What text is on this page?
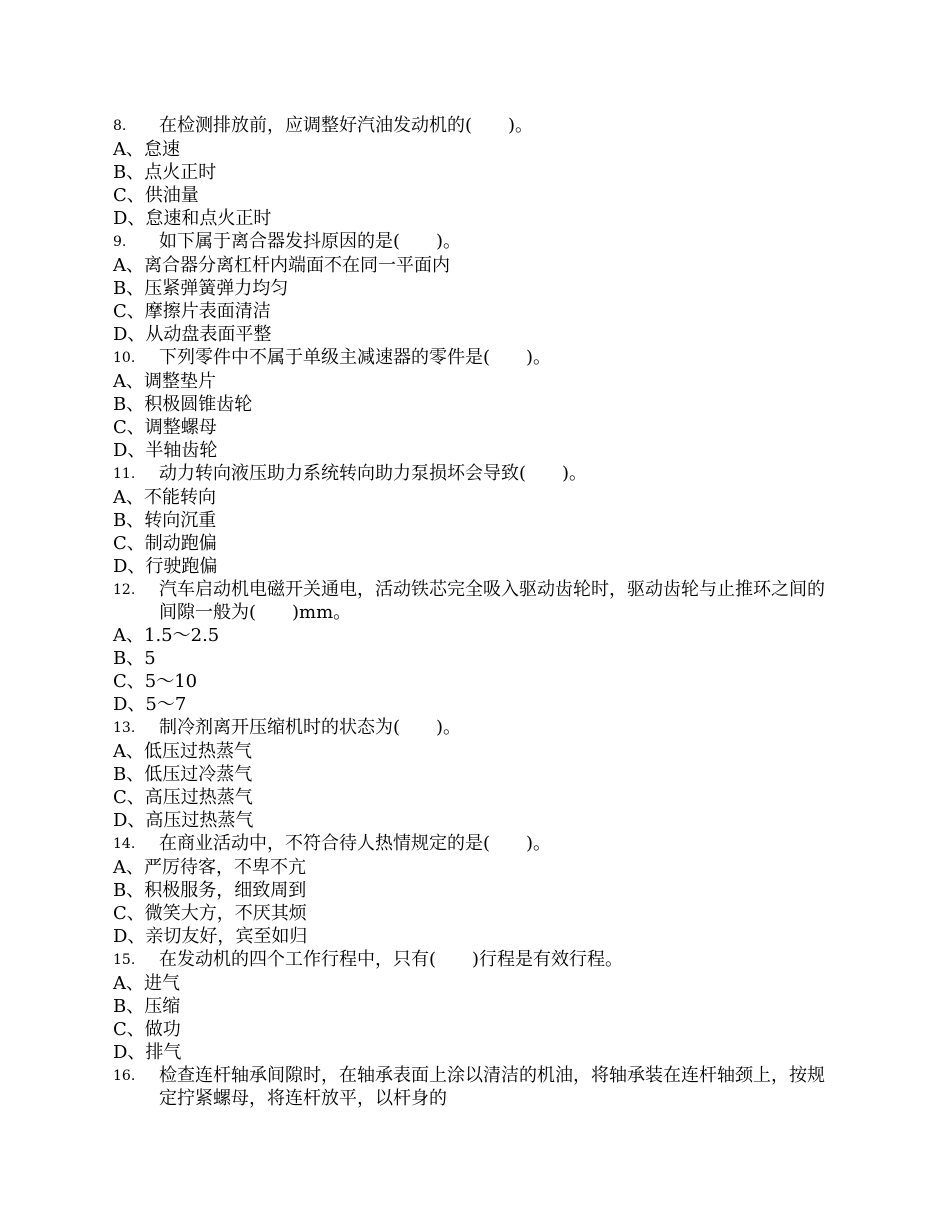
8.	在检测排放前，应调整好汽油发动机的(　　)。
A、怠速
B、点火正时
C、供油量
D、怠速和点火正时
9.	如下属于离合器发抖原因的是(　　)。
A、离合器分离杠杆内端面不在同一平面内
B、压紧弹簧弹力均匀
C、摩擦片表面清洁
D、从动盘表面平整
10.	下列零件中不属于单级主减速器的零件是(　　)。
A、调整垫片
B、积极圆锥齿轮
C、调整螺母
D、半轴齿轮
11.	动力转向液压助力系统转向助力泵损坏会导致(　　)。
A、不能转向
B、转向沉重
C、制动跑偏
D、行驶跑偏
12.	汽车启动机电磁开关通电，活动铁芯完全吸入驱动齿轮时，驱动齿轮与止推环之间的间隙一般为(　　)mm。
A、1.5～2.5
B、5
C、5～10
D、5～7
13.	制冷剂离开压缩机时的状态为(　　)。
A、低压过热蒸气
B、低压过冷蒸气
C、高压过热蒸气
D、高压过热蒸气
14.	在商业活动中，不符合待人热情规定的是(　　)。
A、严厉待客，不卑不亢
B、积极服务，细致周到
C、微笑大方，不厌其烦
D、亲切友好，宾至如归
15.	在发动机的四个工作行程中，只有(　　)行程是有效行程。
A、进气
B、压缩
C、做功
D、排气
16.	检查连杆轴承间隙时，在轴承表面上涂以清洁的机油，将轴承装在连杆轴颈上，按规定拧紧螺母，将连杆放平，以杆身的
